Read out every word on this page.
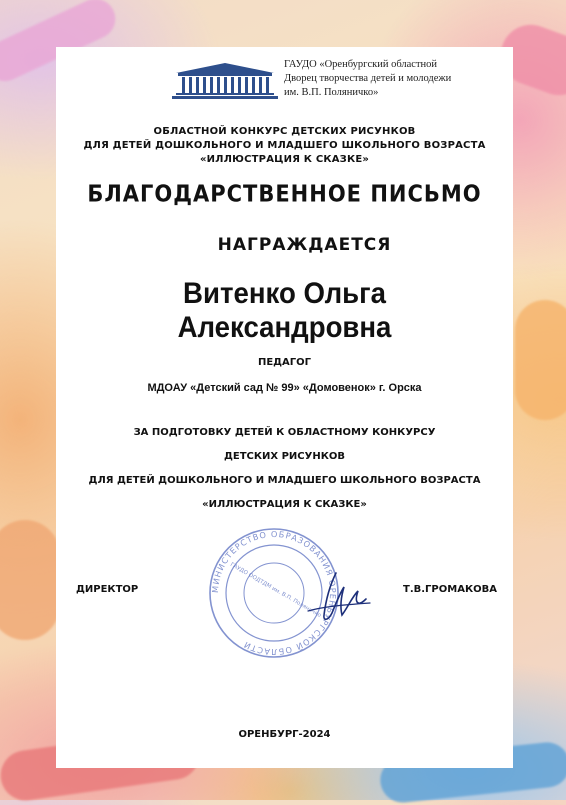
ГАУДО «Оренбургский областной
Дворец творчества детей и молодежи
им. В.П. Поляничко»
ОБЛАСТНОЙ КОНКУРС ДЕТСКИХ РИСУНКОВ
ДЛЯ ДЕТЕЙ ДОШКОЛЬНОГО И МЛАДШЕГО ШКОЛЬНОГО ВОЗРАСТА
«ИЛЛЮСТРАЦИЯ К СКАЗКЕ»
БЛАГОДАРСТВЕННОЕ ПИСЬМО
НАГРАЖДАЕТСЯ
Витенко Ольга Александровна
ПЕДАГОГ
МДОАУ «Детский сад № 99» «Домовенок» г. Орска
ЗА ПОДГОТОВКУ ДЕТЕЙ К ОБЛАСТНОМУ КОНКУРСУ
ДЕТСКИХ РИСУНКОВ
ДЛЯ ДЕТЕЙ ДОШКОЛЬНОГО И МЛАДШЕГО ШКОЛЬНОГО ВОЗРАСТА
«ИЛЛЮСТРАЦИЯ К СКАЗКЕ»
МИНИСТЕРСТВО ОБРАЗОВАНИЯ ОРЕНБУРГСКОЙ ОБЛАСТИ
ГАУДО ООДТДМ им. В.П. Поляничко
ДИРЕКТОР	Т.В.ГРОМАКОВА
ОРЕНБУРГ-2024
